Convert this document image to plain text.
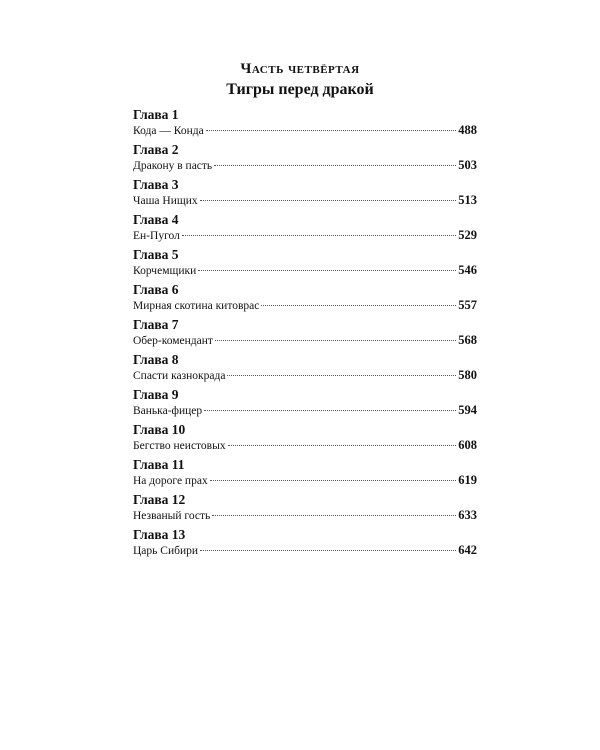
Часть четвёртая
Тигры перед дракой
Глава 1
Кода — Конда	488
Глава 2
Дракону в пасть	503
Глава 3
Чаша Нищих	513
Глава 4
Ен-Пугол	529
Глава 5
Корчемщики	546
Глава 6
Мирная скотина китоврас	557
Глава 7
Обер-комендант	568
Глава 8
Спасти казнокрада	580
Глава 9
Ванька-фицер	594
Глава 10
Бегство неистовых	608
Глава 11
На дороге прах	619
Глава 12
Незваный гость	633
Глава 13
Царь Сибири	642
